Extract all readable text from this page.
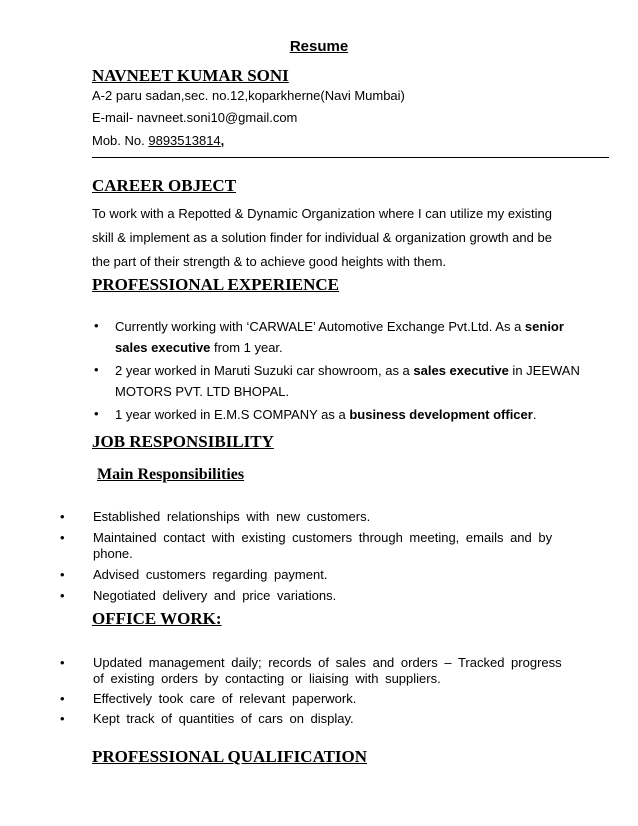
Resume
NAVNEET KUMAR SONI
A-2 paru sadan,sec. no.12,koparkherne(Navi Mumbai)
E-mail- navneet.soni10@gmail.com
Mob. No. 9893513814,
CAREER OBJECT
To work with a Repotted & Dynamic Organization where I can utilize my existing
skill & implement as a solution finder for individual & organization growth and be
the part of their strength & to achieve good heights with them.
PROFESSIONAL EXPERIENCE
• Currently working with ‘CARWALE’ Automotive Exchange Pvt.Ltd. As a senior
sales executive from 1 year.
• 2 year worked in Maruti Suzuki car showroom, as a sales executive in JEEWAN
MOTORS PVT. LTD BHOPAL.
• 1 year worked in E.M.S COMPANY as a business development officer.
JOB RESPONSIBILITY
Main Responsibilities
• Established relationships with new customers.
• Maintained contact with existing customers through meeting, emails and by
phone.
• Advised customers regarding payment.
• Negotiated delivery and price variations.
OFFICE WORK:
• Updated management daily; records of sales and orders – Tracked progress
of existing orders by contacting or liaising with suppliers.
• Effectively took care of relevant paperwork.
• Kept track of quantities of cars on display.
PROFESSIONAL QUALIFICATION
